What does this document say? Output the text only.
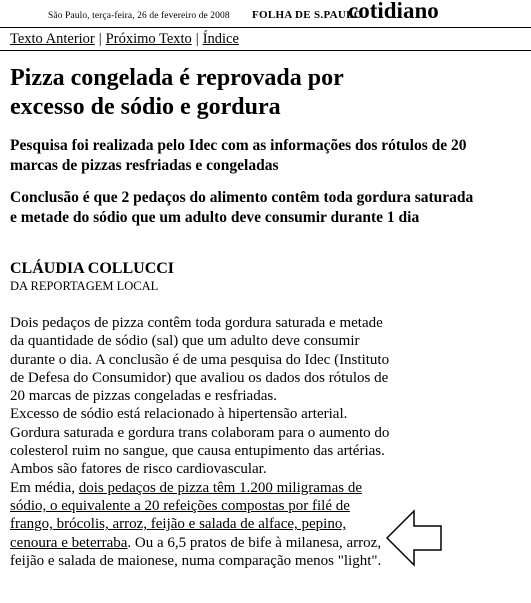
São Paulo, terça-feira, 26 de fevereiro de 2008 FOLHA DE S.PAULO
cotidiano
Texto Anterior | Próximo Texto | Índice
Pizza congelada é reprovada por excesso de sódio e gordura

Pesquisa foi realizada pelo Idec com as informações dos rótulos de 20 marcas de pizzas resfriadas e congeladas

Conclusão é que 2 pedaços do alimento contêm toda gordura saturada e metade do sódio que um adulto deve consumir durante 1 dia

CLÁUDIA COLLUCCI
DA REPORTAGEM LOCAL

Dois pedaços de pizza contêm toda gordura saturada e metade da quantidade de sódio (sal) que um adulto deve consumir durante o dia. A conclusão é de uma pesquisa do Idec (Instituto de Defesa do Consumidor) que avaliou os dados dos rótulos de 20 marcas de pizzas congeladas e resfriadas.

Excesso de sódio está relacionado à hipertensão arterial. Gordura saturada e gordura trans colaboram para o aumento do colesterol ruim no sangue, que causa entupimento das artérias. Ambos são fatores de risco cardiovascular.

Em média, dois pedaços de pizza têm 1.200 miligramas de sódio, o equivalente a 20 refeições compostas por filé de frango, brócolis, arroz, feijão e salada de alface, pepino, cenoura e beterraba. Ou a 6,5 pratos de bife à milanesa, arroz, feijão e salada de maionese, numa comparação menos "light".
